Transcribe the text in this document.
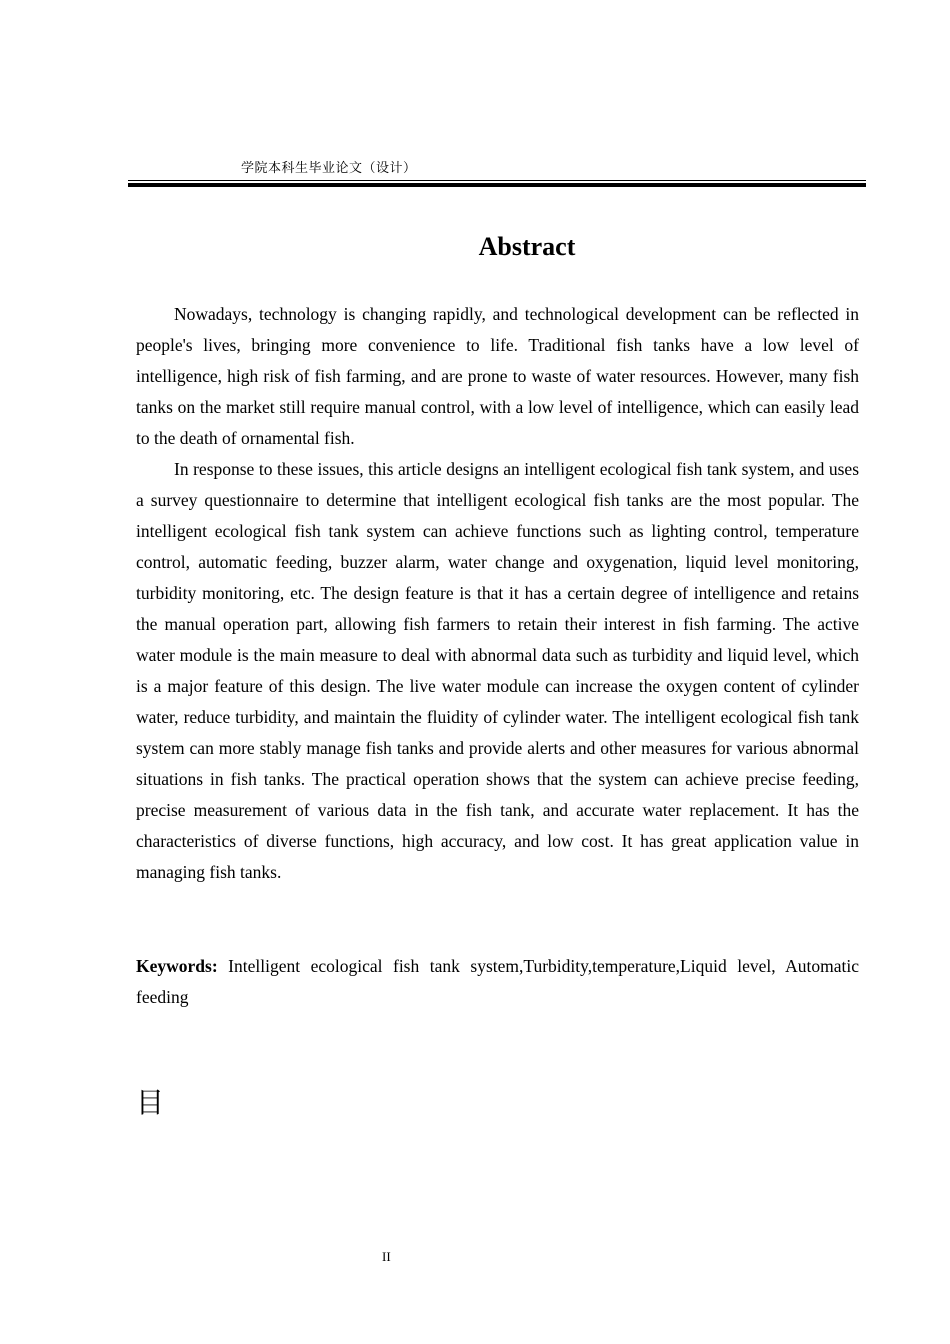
学院本科生毕业论文（设计）
Abstract

Nowadays, technology is changing rapidly, and technological development can be reflected in people's lives, bringing more convenience to life. Traditional fish tanks have a low level of intelligence, high risk of fish farming, and are prone to waste of water resources. However, many fish tanks on the market still require manual control, with a low level of intelligence, which can easily lead to the death of ornamental fish.

In response to these issues, this article designs an intelligent ecological fish tank system, and uses a survey questionnaire to determine that intelligent ecological fish tanks are the most popular. The intelligent ecological fish tank system can achieve functions such as lighting control, temperature control, automatic feeding, buzzer alarm, water change and oxygenation, liquid level monitoring, turbidity monitoring, etc. The design feature is that it has a certain degree of intelligence and retains the manual operation part, allowing fish farmers to retain their interest in fish farming. The active water module is the main measure to deal with abnormal data such as turbidity and liquid level, which is a major feature of this design. The live water module can increase the oxygen content of cylinder water, reduce turbidity, and maintain the fluidity of cylinder water. The intelligent ecological fish tank system can more stably manage fish tanks and provide alerts and other measures for various abnormal situations in fish tanks. The practical operation shows that the system can achieve precise feeding, precise measurement of various data in the fish tank, and accurate water replacement. It has the characteristics of diverse functions, high accuracy, and low cost. It has great application value in managing fish tanks.

Keywords: Intelligent ecological fish tank system,Turbidity,temperature,Liquid level, Automatic feeding
目
II
